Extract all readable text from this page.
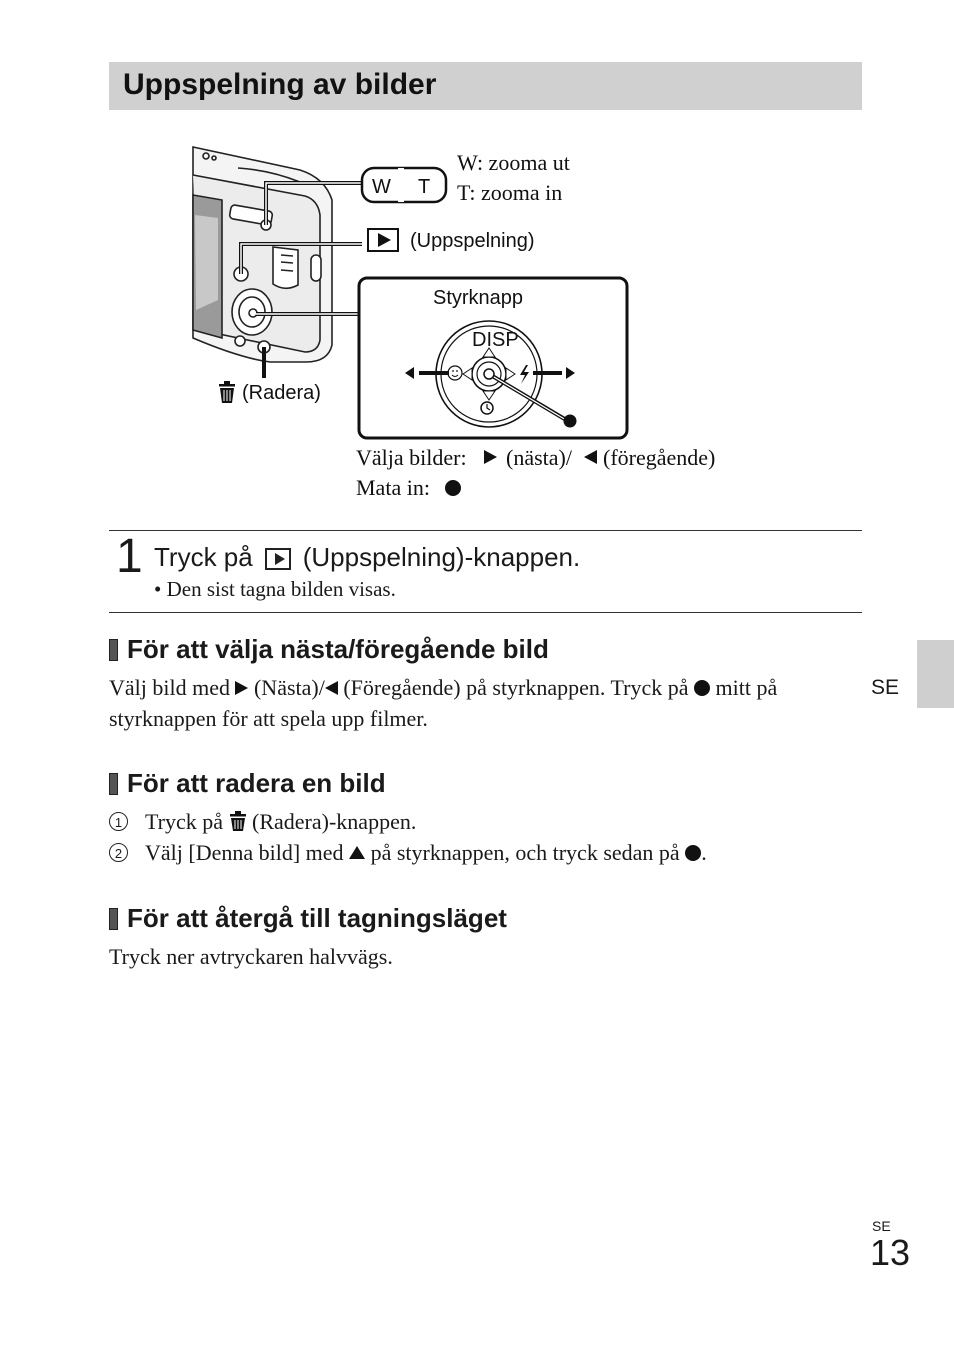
Uppspelning av bilder
W T
W: zooma ut
T: zooma in
(Uppspelning)
(Radera)
Styrknapp
DISP
Välja bilder: (nästa)/ (föregående)
Mata in:
1 Tryck på (Uppspelning)-knappen.
• Den sist tagna bilden visas.
För att välja nästa/föregående bild
Välj bild med (Nästa)/ (Föregående) på styrknappen. Tryck på mitt på
styrknappen för att spela upp filmer.
För att radera en bild
1 Tryck på (Radera)-knappen.
2 Välj [Denna bild] med på styrknappen, och tryck sedan på .
För att återgå till tagningsläget
Tryck ner avtryckaren halvvägs.
SE
SE
13
